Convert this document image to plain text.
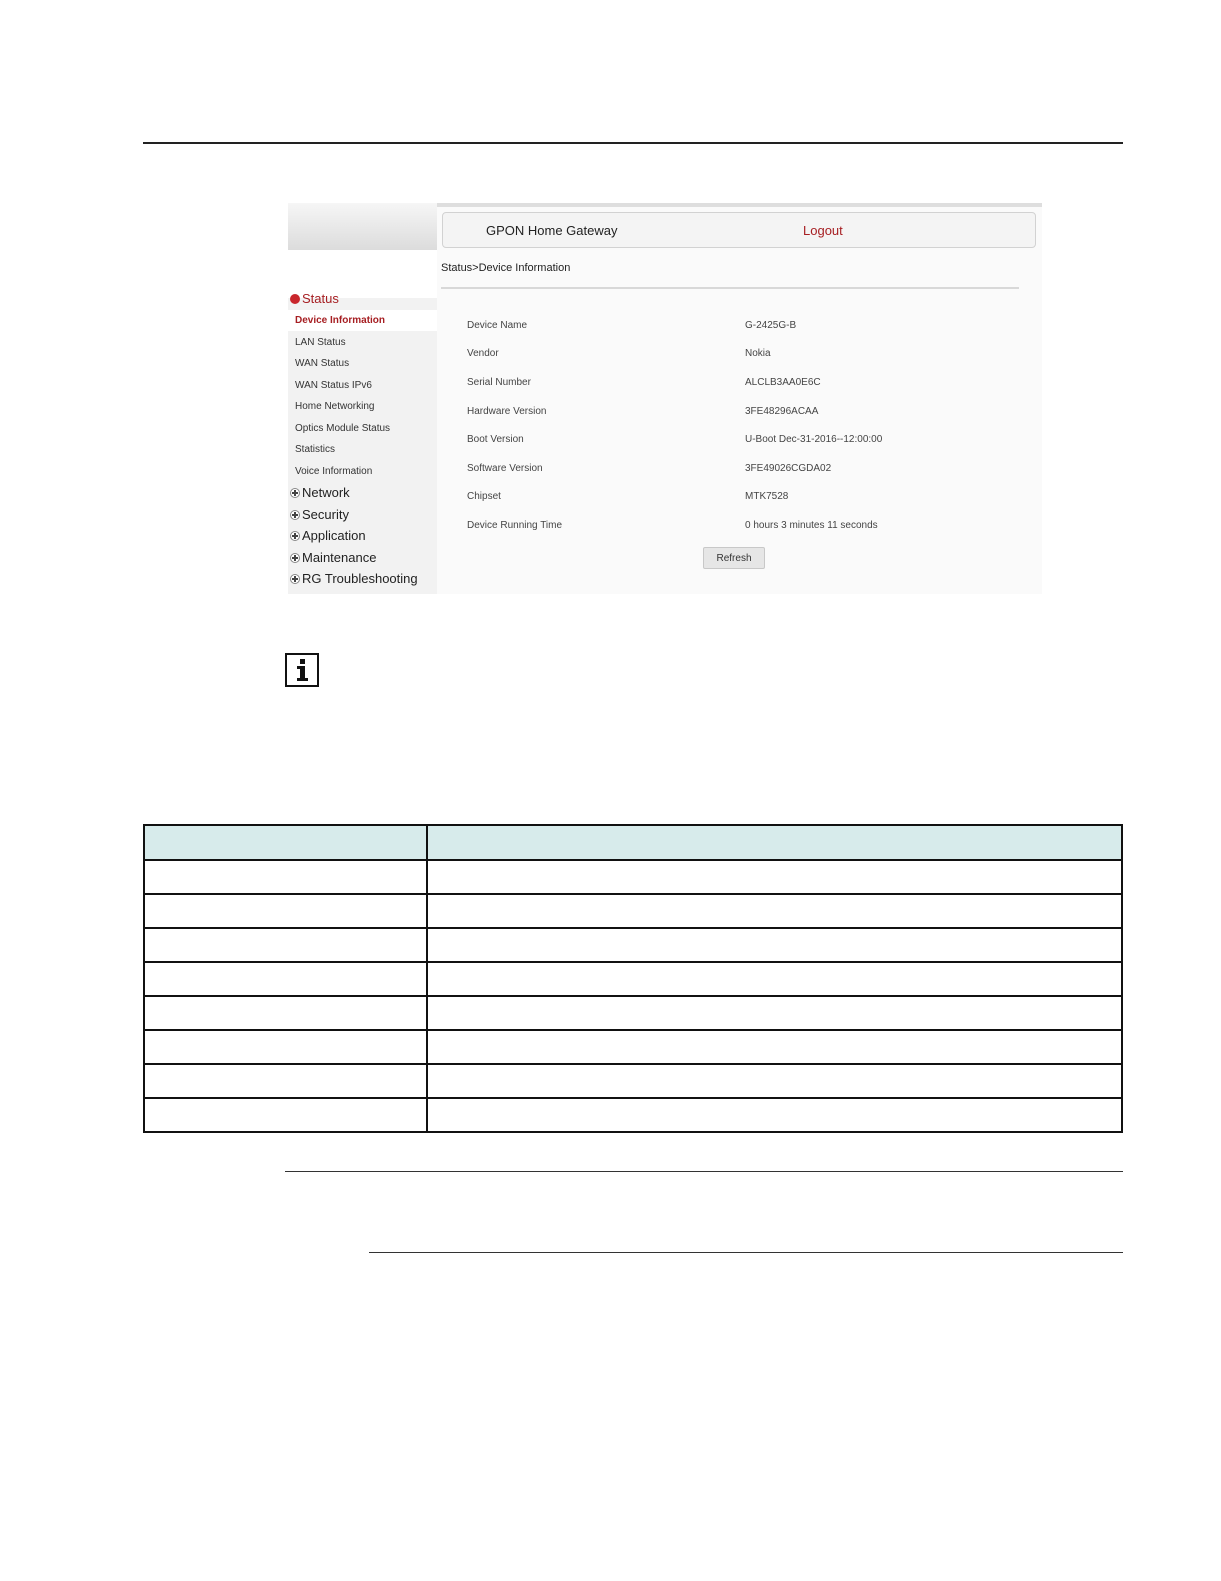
Status
Device Information
LAN Status
WAN Status
WAN Status IPv6
Home Networking
Optics Module Status
Statistics
Voice Information
Network
Security
Application
Maintenance
RG Troubleshooting
GPON Home Gateway	Logout
Status>Device Information
Device Name	G-2425G-B
Vendor	Nokia
Serial Number	ALCLB3AA0E6C
Hardware Version	3FE48296ACAA
Boot Version	U-Boot Dec-31-2016--12:00:00
Software Version	3FE49026CGDA02
Chipset	MTK7528
Device Running Time	0 hours 3 minutes 11 seconds
Refresh
